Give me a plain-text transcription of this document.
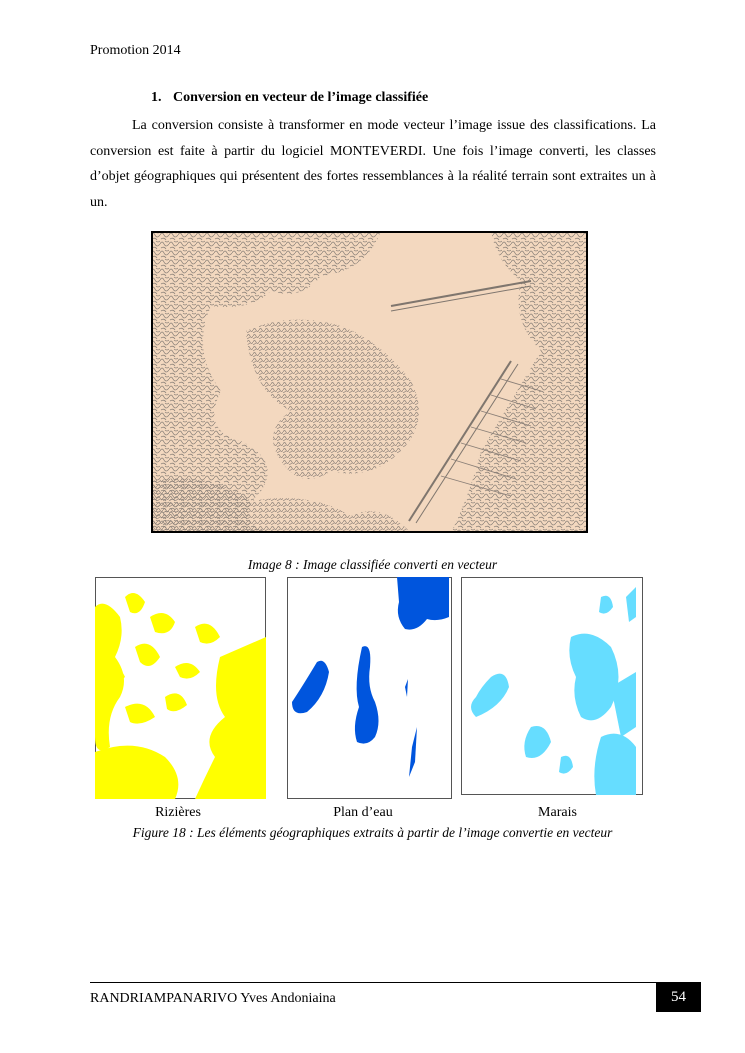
Promotion 2014
1. Conversion en vecteur de l’image classifiée

La conversion consiste à transformer en mode vecteur l’image issue des classifications. La conversion est faite à partir du logiciel MONTEVERDI. Une fois l’image converti, les classes d’objet géographiques qui présentent des fortes ressemblances à la réalité terrain sont extraites un à un.

Image 8 : Image classifiée converti en vecteur
Rizières	Plan d’eau	Marais
Figure 18 : Les éléments géographiques extraits à partir de l’image convertie en vecteur
RANDRIAMPANARIVO Yves Andoniaina	54
